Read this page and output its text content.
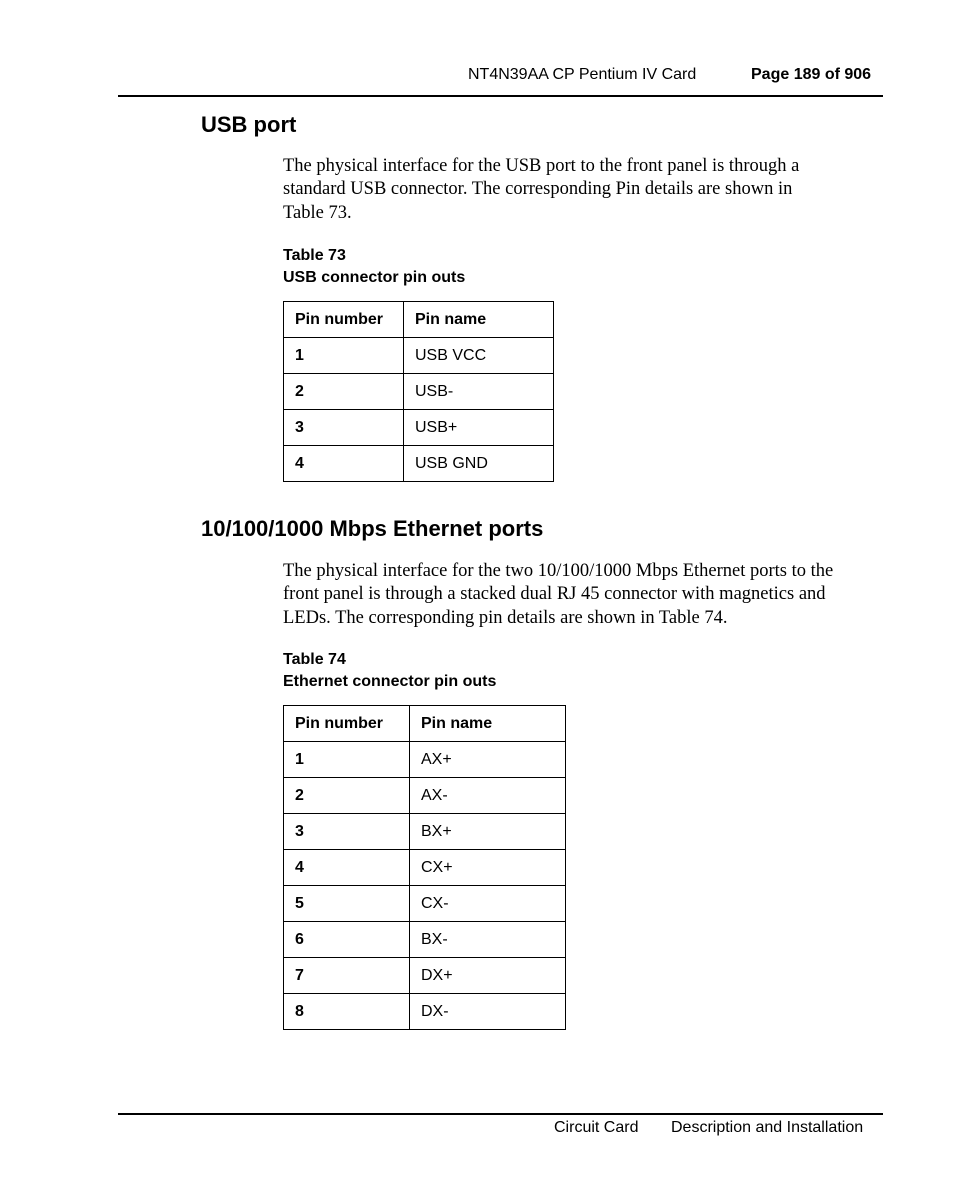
NT4N39AA CP Pentium IV Card	Page 189 of 906
USB port
The physical interface for the USB port to the front panel is through a
standard USB connector. The corresponding Pin details are shown in
Table 73.
Table 73
USB connector pin outs
Pin number	Pin name
1	USB VCC
2	USB-
3	USB+
4	USB GND
10/100/1000 Mbps Ethernet ports
The physical interface for the two 10/100/1000 Mbps Ethernet ports to the
front panel is through a stacked dual RJ 45 connector with magnetics and
LEDs. The corresponding pin details are shown in Table 74.
Table 74
Ethernet connector pin outs
Pin number	Pin name
1	AX+
2	AX-
3	BX+
4	CX+
5	CX-
6	BX-
7	DX+
8	DX-
Circuit Card Description and Installation
